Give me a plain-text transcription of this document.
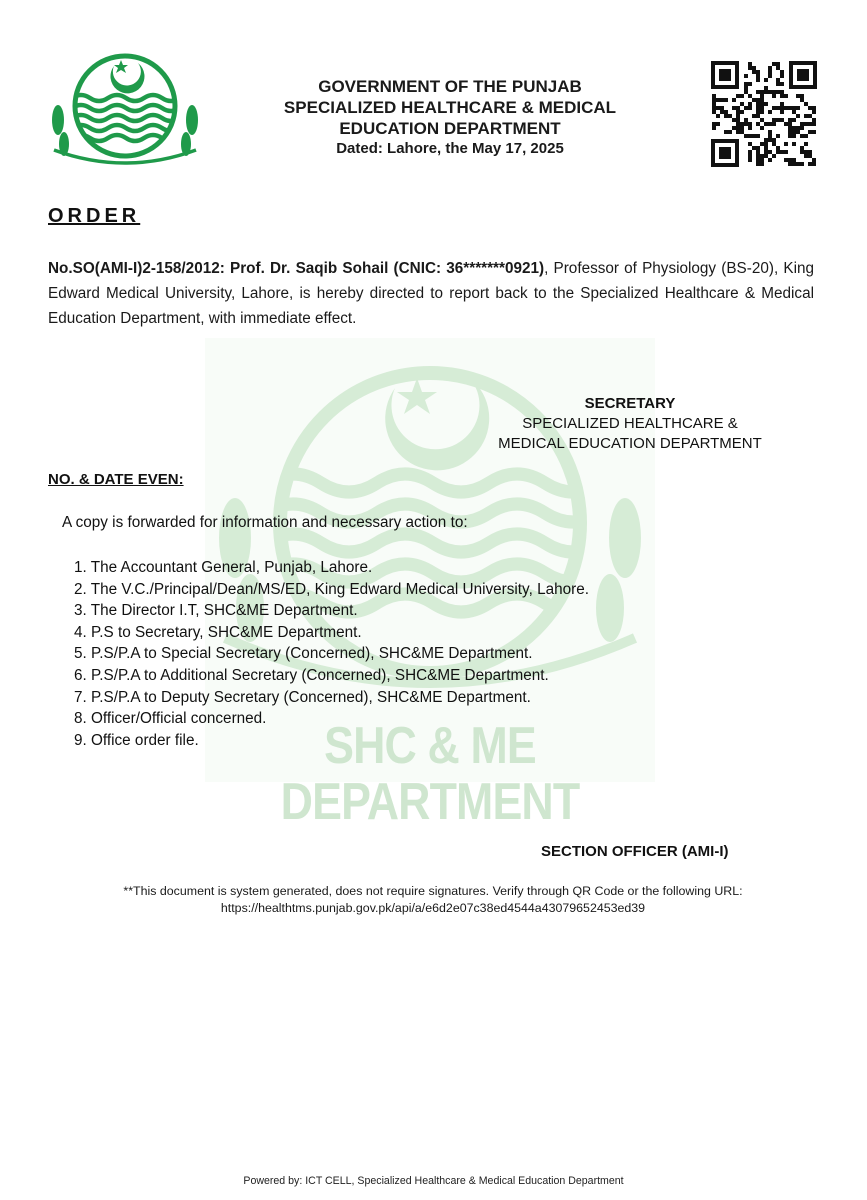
SHC & ME DEPARTMENT
GOVERNMENT OF THE PUNJAB
SPECIALIZED HEALTHCARE & MEDICAL
EDUCATION DEPARTMENT
Dated: Lahore, the May 17, 2025
ORDER
No.SO(AMI-I)2-158/2012: Prof. Dr. Saqib Sohail (CNIC: 36*******0921), Professor of Physiology (BS-20), King Edward Medical University, Lahore, is hereby directed to report back to the Specialized Healthcare & Medical Education Department, with immediate effect.
SECRETARY
SPECIALIZED HEALTHCARE &
MEDICAL EDUCATION DEPARTMENT
NO. & DATE EVEN:
A copy is forwarded for information and necessary action to:
1. The Accountant General, Punjab, Lahore.
2. The V.C./Principal/Dean/MS/ED, King Edward Medical University, Lahore.
3. The Director I.T, SHC&ME Department.
4. P.S to Secretary, SHC&ME Department.
5. P.S/P.A to Special Secretary (Concerned), SHC&ME Department.
6. P.S/P.A to Additional Secretary (Concerned), SHC&ME Department.
7. P.S/P.A to Deputy Secretary (Concerned), SHC&ME Department.
8. Officer/Official concerned.
9. Office order file.
SECTION OFFICER (AMI-I)
**This document is system generated, does not require signatures. Verify through QR Code or the following URL:
https://healthtms.punjab.gov.pk/api/a/e6d2e07c38ed4544a43079652453ed39
Powered by: ICT CELL, Specialized Healthcare & Medical Education Department
